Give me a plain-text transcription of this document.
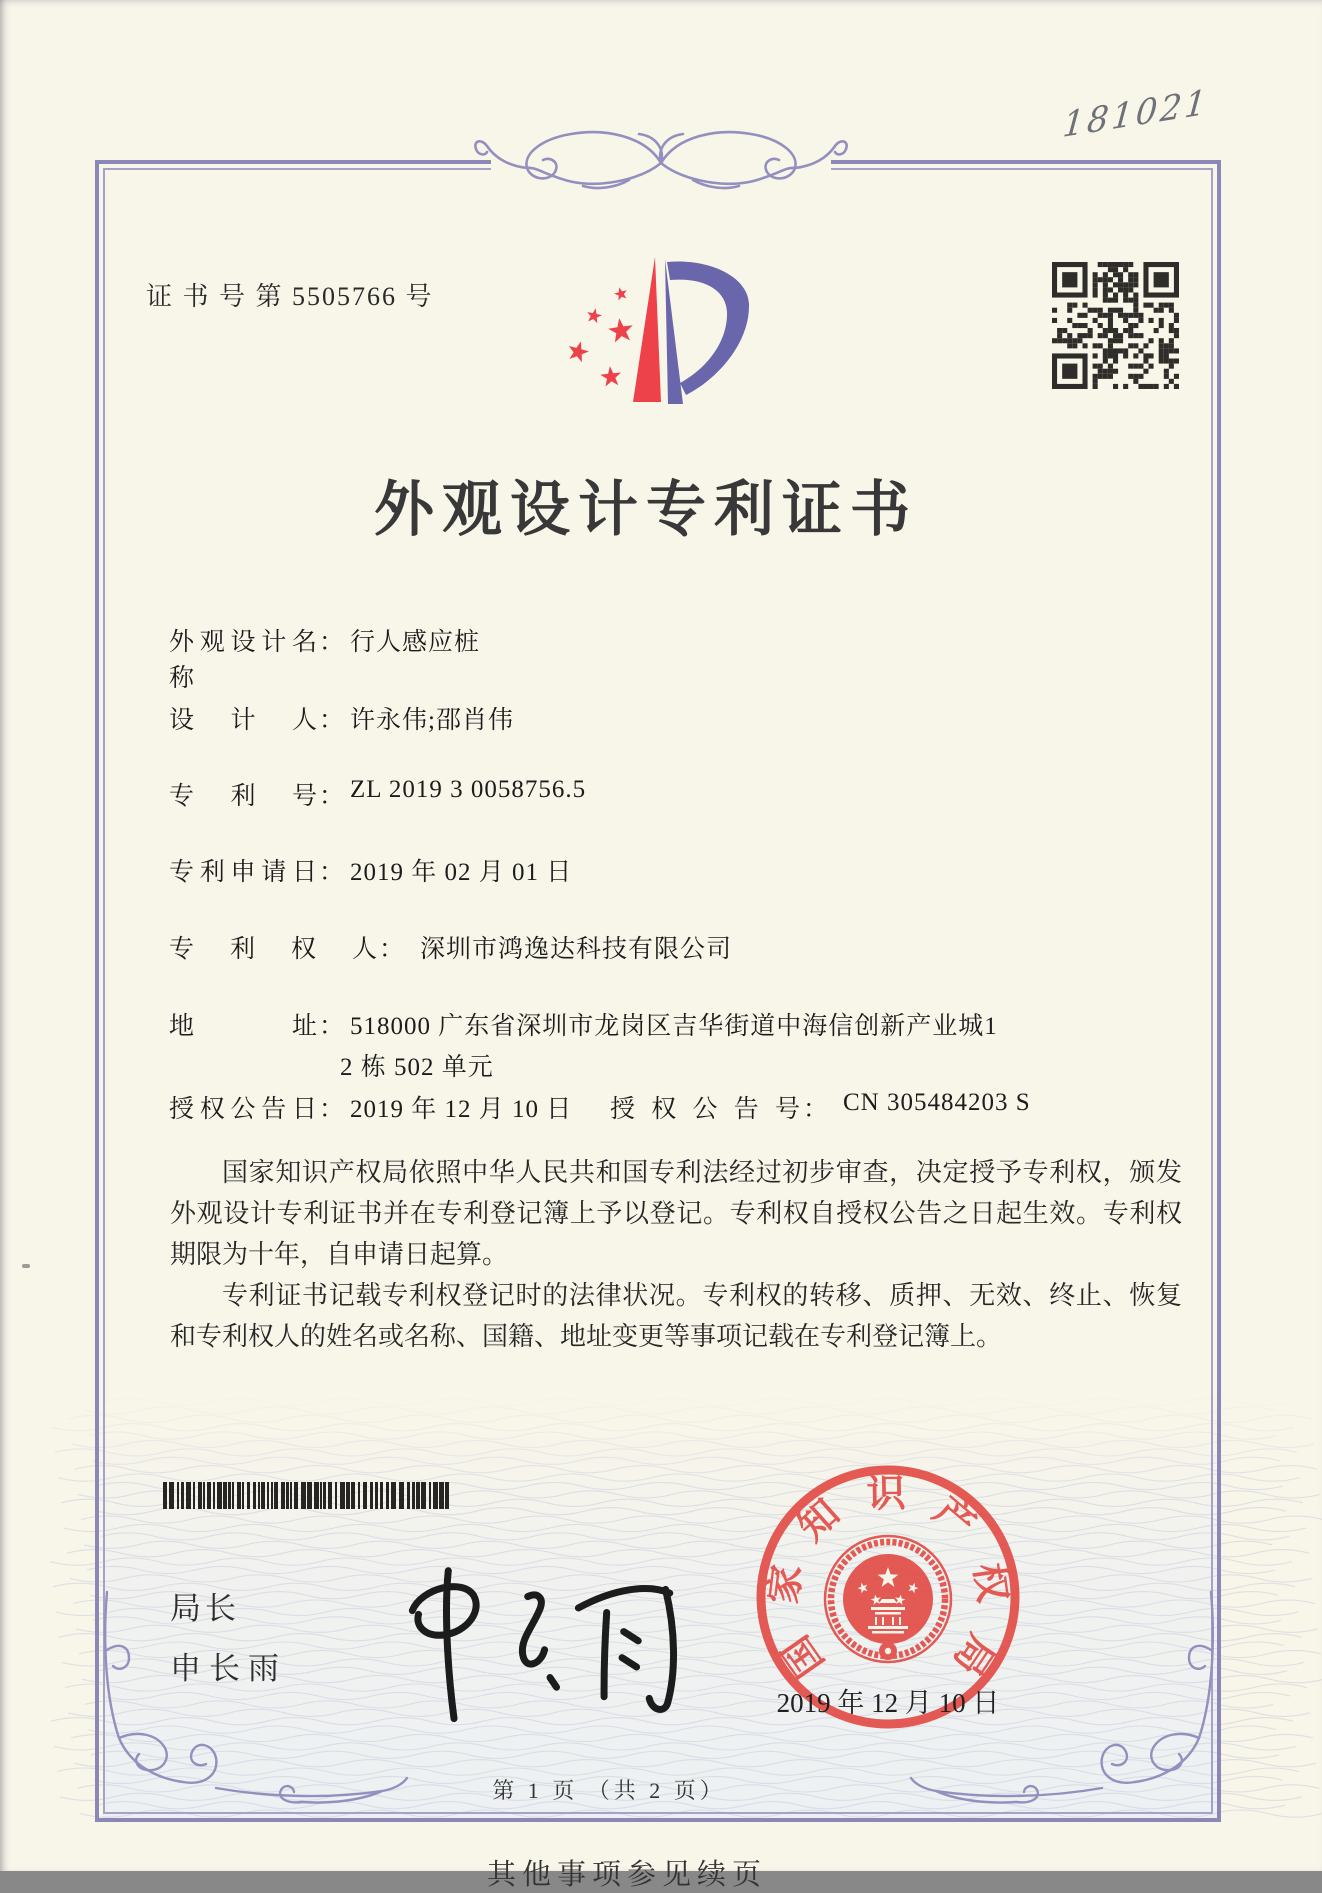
181021
证 书 号 第 5505766 号
外观设计专利证书
外观设计名称： 行人感应桩
设计人： 许永伟;邵肖伟
专利号： ZL 2019 3 0058756.5
专利申请日： 2019 年 02 月 01 日
专利权人： 深圳市鸿逸达科技有限公司
地址： 518000 广东省深圳市龙岗区吉华街道中海信创新产业城1
2 栋 502 单元
授权公告日： 2019 年 12 月 10 日 授权公告号 ： CN 305484203 S

国家知识产权局依照中华人民共和国专利法经过初步审查，决定授予专利权，颁发外观设计专利证书并在专利登记簿上予以登记。专利权自授权公告之日起生效。专利权期限为十年，自申请日起算。

专利证书记载专利权登记时的法律状况。专利权的转移、质押、无效、终止、恢复和专利权人的姓名或名称、国籍、地址变更等事项记载在专利登记簿上。

局长
申长雨
2019 年 12 月 10 日
国
家
知 识 产
权
局
第 1 页 （共 2 页）
其他事项参见续页
